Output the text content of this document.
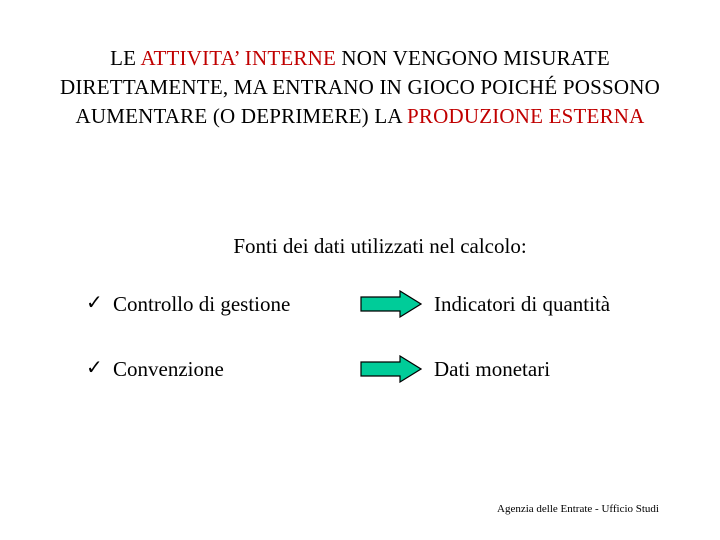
LE ATTIVITA’ INTERNE NON VENGONO MISURATE DIRETTAMENTE, MA ENTRANO IN GIOCO POICHÉ POSSONO AUMENTARE (O DEPRIMERE) LA PRODUZIONE ESTERNA

Fonti dei dati utilizzati nel calcolo:

✓ Controllo di gestione	Indicatori di quantità
✓ Convenzione	Dati monetari
Agenzia delle Entrate - Ufficio Studi
